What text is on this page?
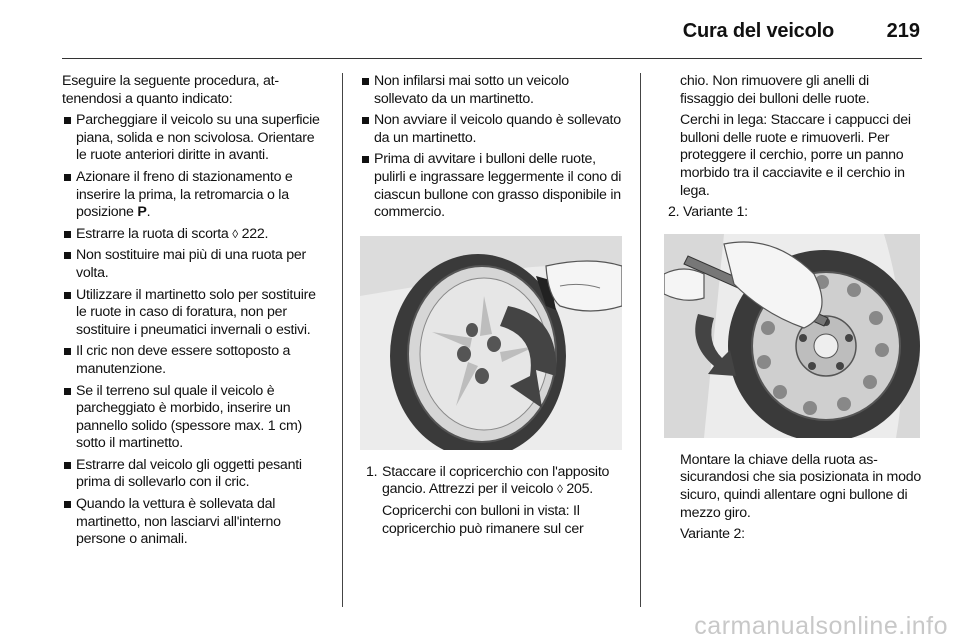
Cura del veicolo	219

Eseguire la seguente procedura, attenendosi a quanto indicato:

Parcheggiare il veicolo su una superficie piana, solida e non scivolosa. Orientare le ruote anteriori diritte in avanti.
Azionare il freno di stazionamento e inserire la prima, la retromarcia o la posizione P.
Estrarre la ruota di scorta ◊ 222.
Non sostituire mai più di una ruota per volta.
Utilizzare il martinetto solo per sostituire le ruote in caso di foratura, non per sostituire i pneumatici invernali o estivi.
Il cric non deve essere sottoposto a manutenzione.
Se il terreno sul quale il veicolo è parcheggiato è morbido, inserire un pannello solido (spessore max. 1 cm) sotto il martinetto.
Estrarre dal veicolo gli oggetti pesanti prima di sollevarlo con il cric.
Quando la vettura è sollevata dal martinetto, non lasciarvi all'interno persone o animali.
Non infilarsi mai sotto un veicolo sollevato da un martinetto.
Non avviare il veicolo quando è sollevato da un martinetto.
Prima di avvitare i bulloni delle ruote, pulirli e ingrassare leggermente il cono di ciascun bullone con grasso disponibile in commercio.
1. Staccare il copricerchio con l'apposito gancio. Attrezzi per il veicolo ◊ 205.

Copricerchi con bulloni in vista: Il copricerchio può rimanere sul cer

chio. Non rimuovere gli anelli di fissaggio dei bulloni delle ruote.

Cerchi in lega: Staccare i cappucci dei bulloni delle ruote e rimuoverli. Per proteggere il cerchio, porre un panno morbido tra il cacciavite e il cerchio in lega.

2. Variante 1:

Montare la chiave della ruota assicurandosi che sia posizionata in modo sicuro, quindi allentare ogni bullone di mezzo giro.

Variante 2:

carmanualsonline.info
